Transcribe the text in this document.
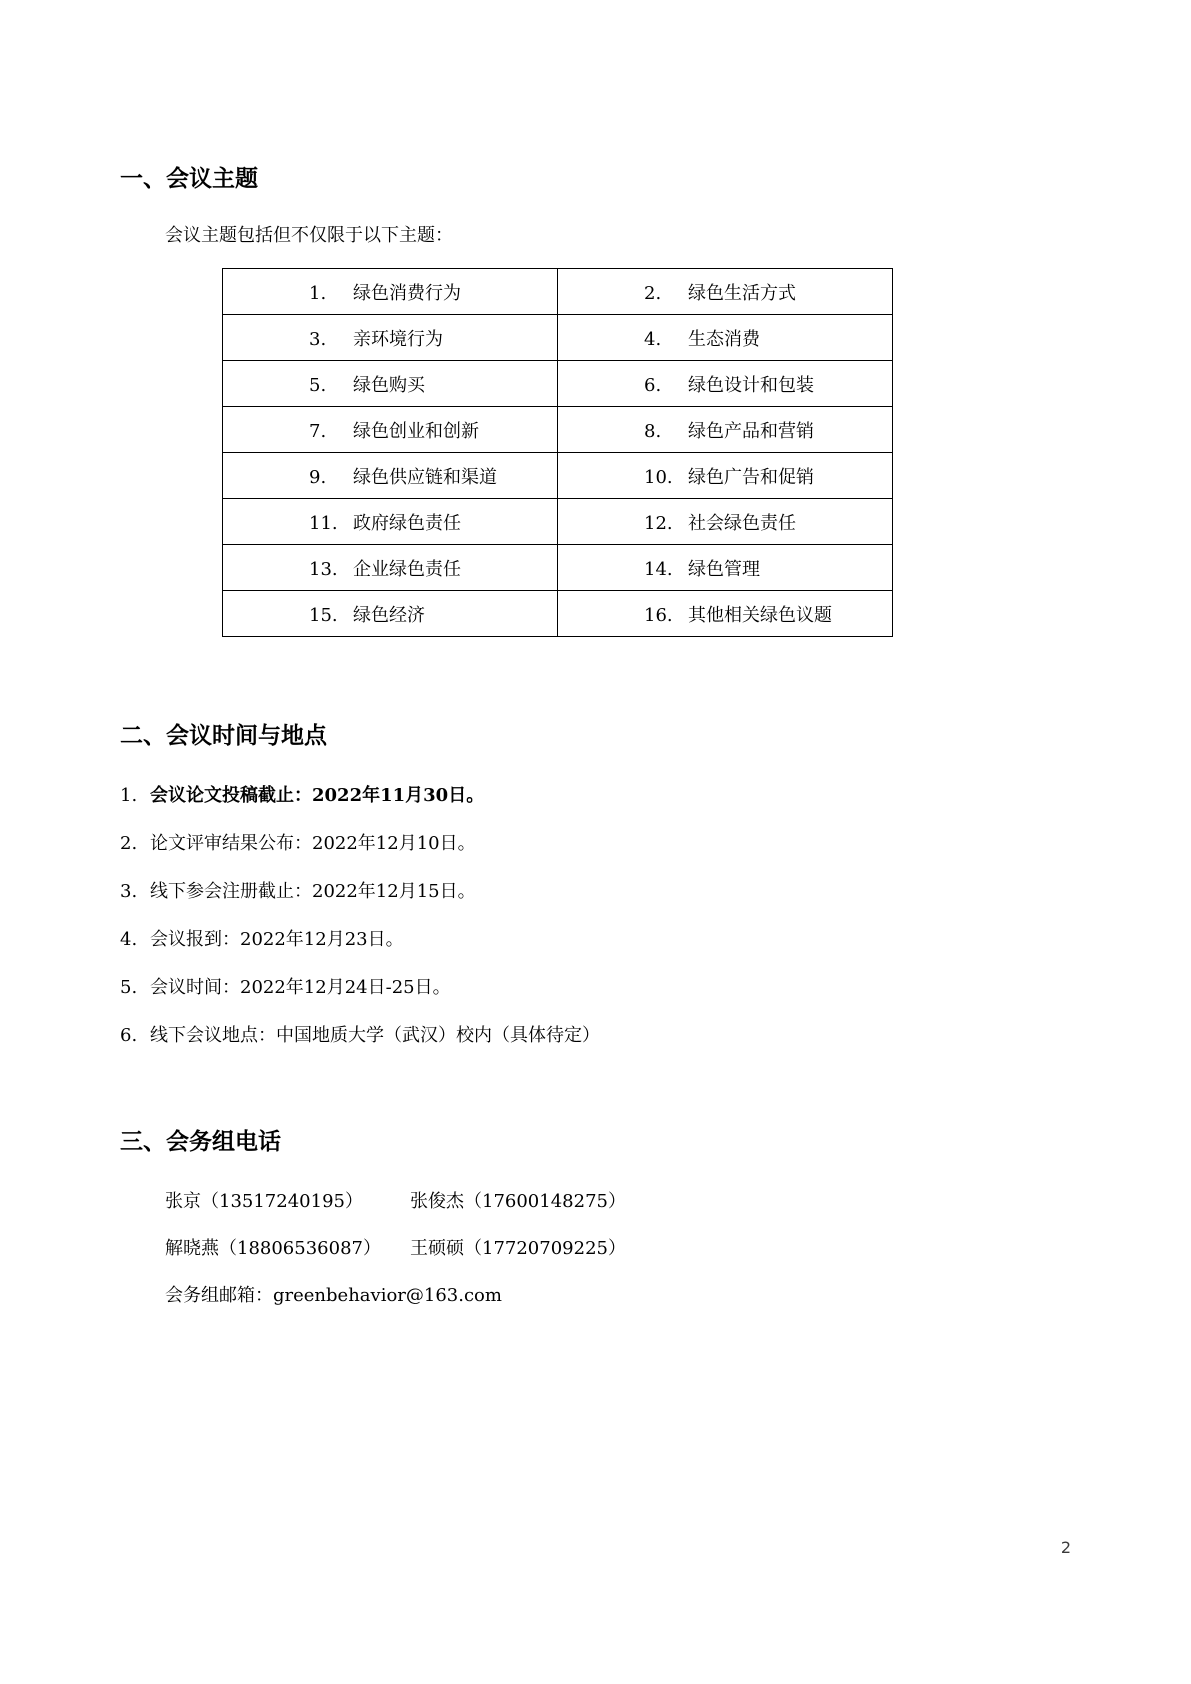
一、会议主题
会议主题包括但不仅限于以下主题：
1. 绿色消费行为	2. 绿色生活方式
3. 亲环境行为	4. 生态消费
5. 绿色购买	6. 绿色设计和包装
7. 绿色创业和创新	8. 绿色产品和营销
9. 绿色供应链和渠道	10. 绿色广告和促销
11. 政府绿色责任	12. 社会绿色责任
13. 企业绿色责任	14. 绿色管理
15. 绿色经济	16. 其他相关绿色议题
二、会议时间与地点
1. 会议论文投稿截止：2022年11月30日。
2. 论文评审结果公布：2022年12月10日。
3. 线下参会注册截止：2022年12月15日。
4. 会议报到：2022年12月23日。
5. 会议时间：2022年12月24日-25日。
6. 线下会议地点：中国地质大学（武汉）校内（具体待定）
三、会务组电话
张京（13517240195）	张俊杰（17600148275）
解晓燕（18806536087）	王硕硕（17720709225）
会务组邮箱：greenbehavior@163.com
2
